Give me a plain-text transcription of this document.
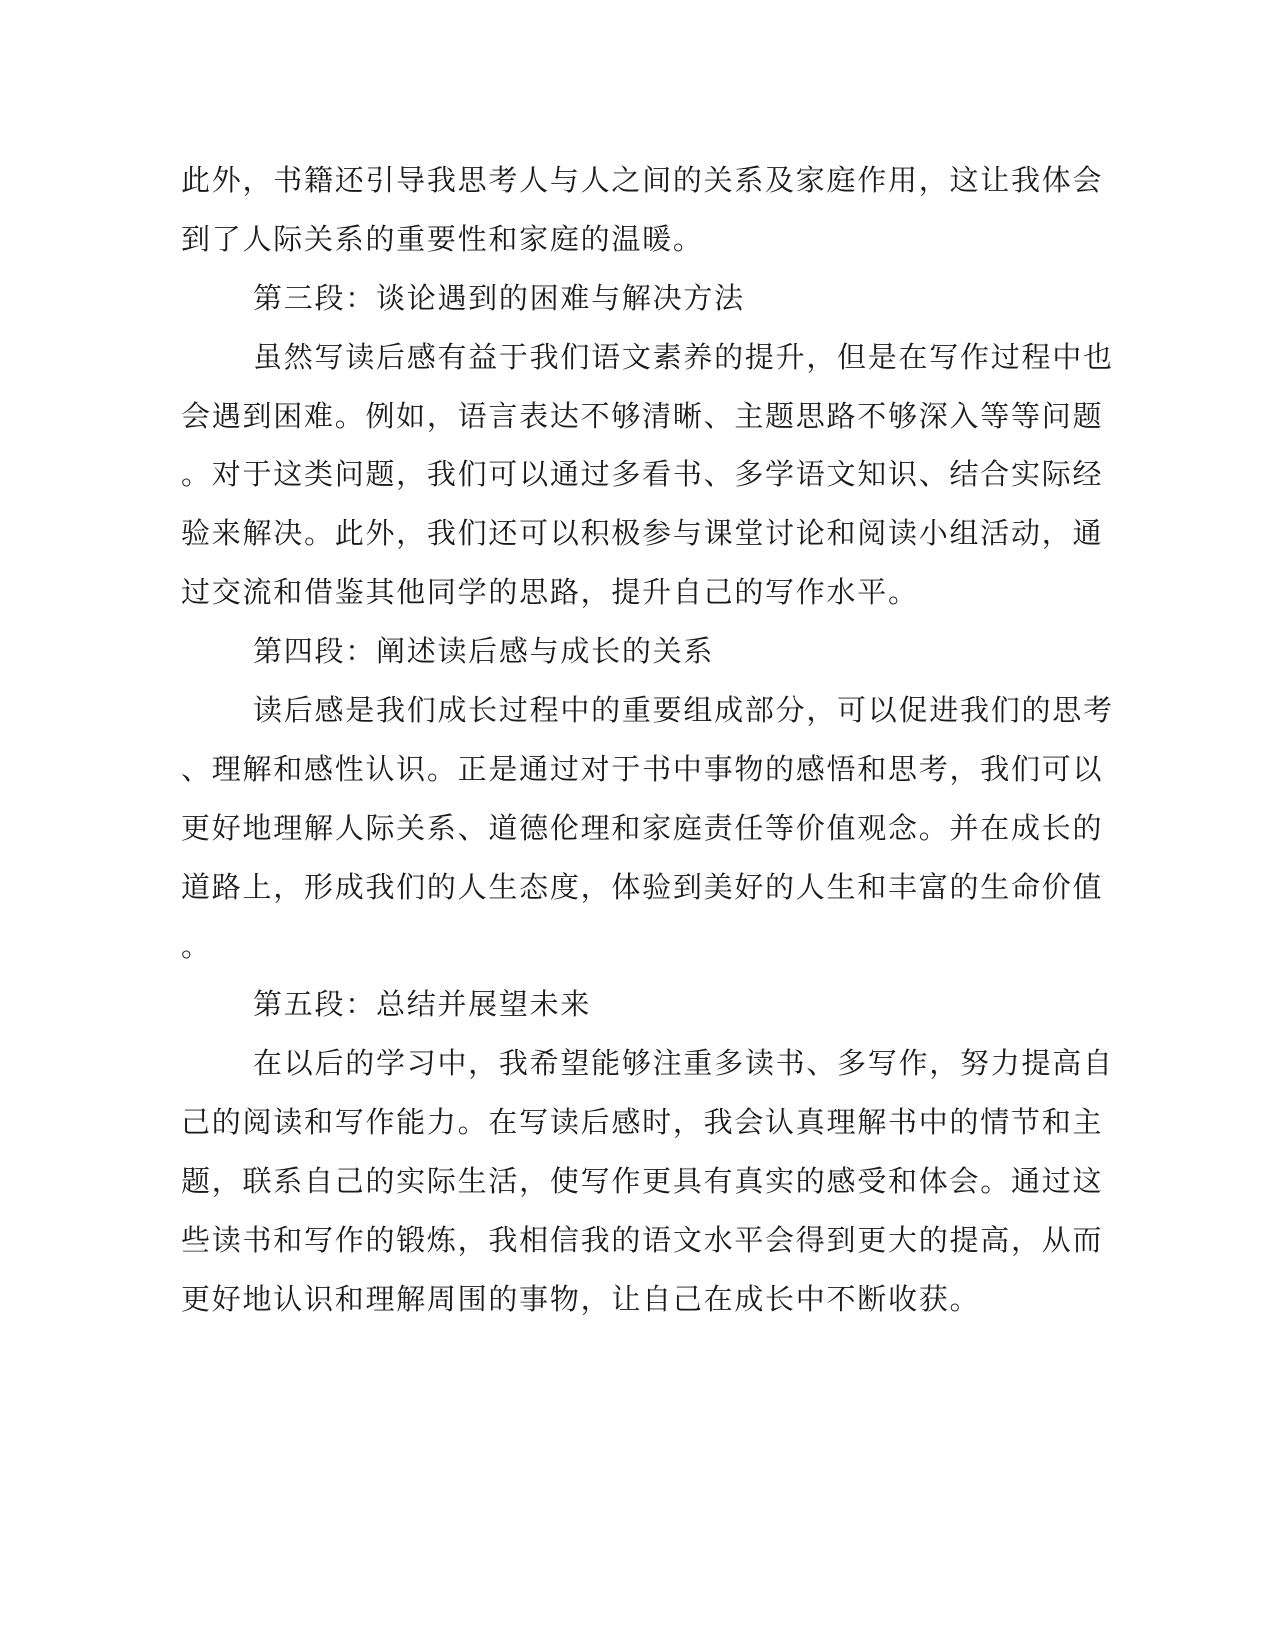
此外，书籍还引导我思考人与人之间的关系及家庭作用，这让我体会
到了人际关系的重要性和家庭的温暖。
第三段：谈论遇到的困难与解决方法
虽然写读后感有益于我们语文素养的提升，但是在写作过程中也
会遇到困难。例如，语言表达不够清晰、主题思路不够深入等等问题
。对于这类问题，我们可以通过多看书、多学语文知识、结合实际经
验来解决。此外，我们还可以积极参与课堂讨论和阅读小组活动，通
过交流和借鉴其他同学的思路，提升自己的写作水平。
第四段：阐述读后感与成长的关系
读后感是我们成长过程中的重要组成部分，可以促进我们的思考
、理解和感性认识。正是通过对于书中事物的感悟和思考，我们可以
更好地理解人际关系、道德伦理和家庭责任等价值观念。并在成长的
道路上，形成我们的人生态度，体验到美好的人生和丰富的生命价值
。
第五段：总结并展望未来
在以后的学习中，我希望能够注重多读书、多写作，努力提高自
己的阅读和写作能力。在写读后感时，我会认真理解书中的情节和主
题，联系自己的实际生活，使写作更具有真实的感受和体会。通过这
些读书和写作的锻炼，我相信我的语文水平会得到更大的提高，从而
更好地认识和理解周围的事物，让自己在成长中不断收获。
